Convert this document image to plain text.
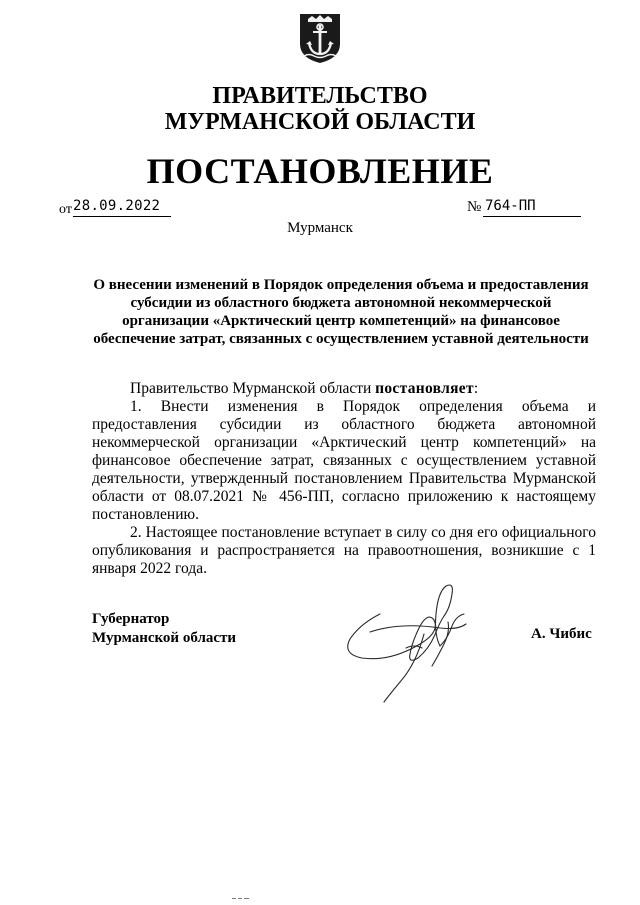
ПРАВИТЕЛЬСТВО
МУРМАНСКОЙ ОБЛАСТИ
ПОСТАНОВЛЕНИЕ
от 28.09.2022	№ 764-ПП
Мурманск
О внесении изменений в Порядок определения объема и предоставления субсидии из областного бюджета автономной некоммерческой организации «Арктический центр компетенций» на финансовое обеспечение затрат, связанных с осуществлением уставной деятельности

Правительство Мурманской области постановляет:

1. Внести изменения в Порядок определения объема и предоставления субсидии из областного бюджета автономной некоммерческой организации «Арктический центр компетенций» на финансовое обеспечение затрат, связанных с осуществлением уставной деятельности, утвержденный постановлением Правительства Мурманской области от 08.07.2021 № 456-ПП, согласно приложению к настоящему постановлению.

2. Настоящее постановление вступает в силу со дня его официального опубликования и распространяется на правоотношения, возникшие с 1 января 2022 года.

Губернатор
Мурманской области	А. Чибис
